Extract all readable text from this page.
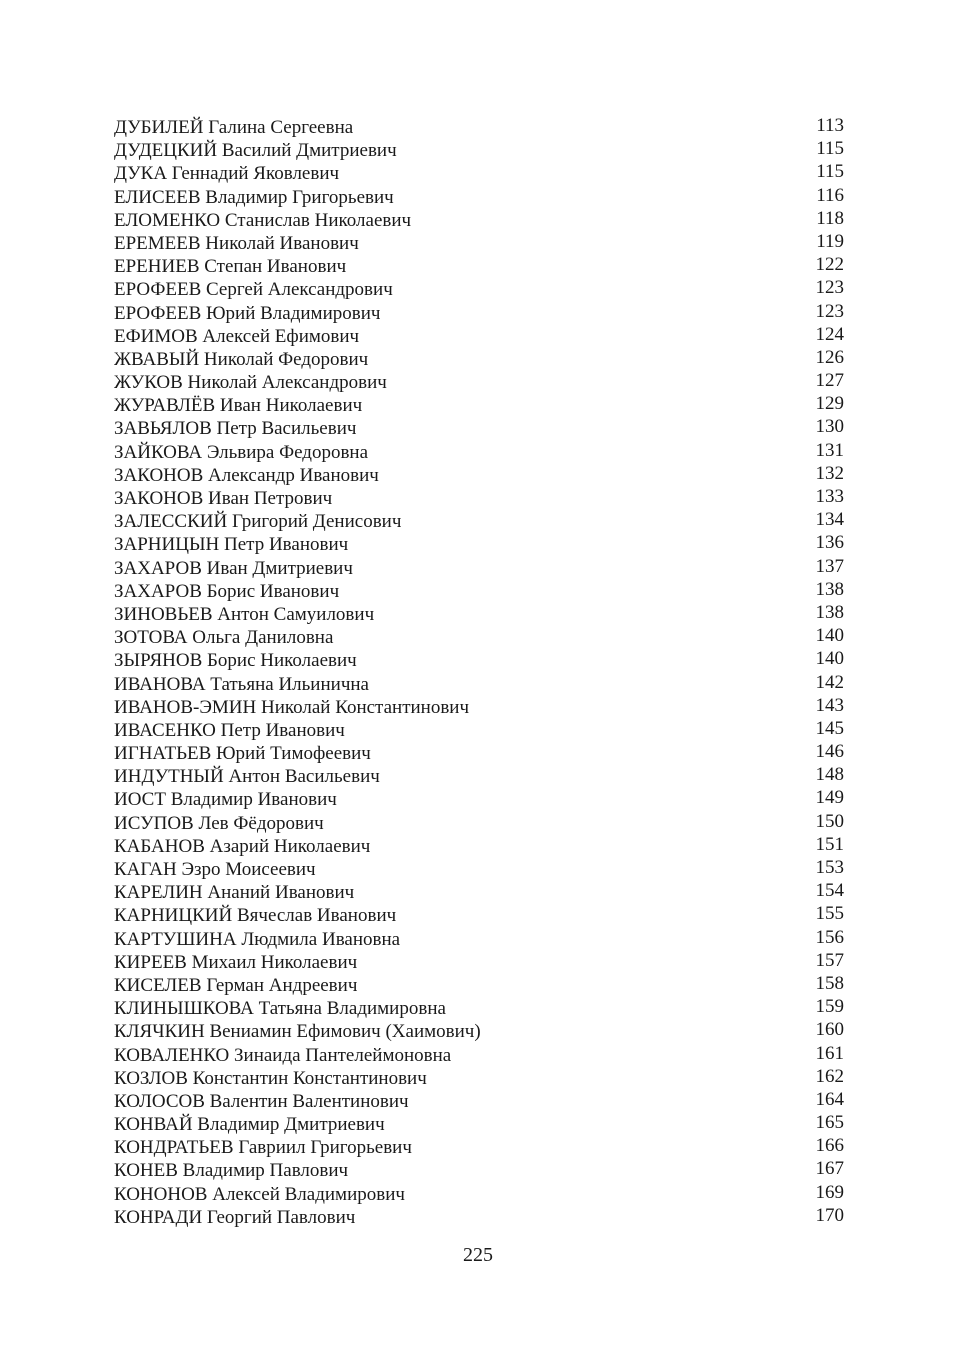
ДУБИЛЕЙ Галина Сергеевна	113
ДУДЕЦКИЙ Василий Дмитриевич	115
ДУКА Геннадий Яковлевич	115
ЕЛИСЕЕВ Владимир Григорьевич	116
ЕЛОМЕНКО Станислав Николаевич	118
ЕРЕМЕЕВ Николай Иванович	119
ЕРЕНИЕВ Степан Иванович	122
ЕРОФЕЕВ Сергей Александрович	123
ЕРОФЕЕВ Юрий Владимирович	123
ЕФИМОВ Алексей Ефимович	124
ЖВАВЫЙ Николай Федорович	126
ЖУКОВ Николай Александрович	127
ЖУРАВЛЁВ Иван Николаевич	129
ЗАВЬЯЛОВ Петр Васильевич	130
ЗАЙКОВА Эльвира Федоровна	131
ЗАКОНОВ Александр Иванович	132
ЗАКОНОВ Иван Петрович	133
ЗАЛЕССКИЙ Григорий Денисович	134
ЗАРНИЦЫН Петр Иванович	136
ЗАХАРОВ Иван Дмитриевич	137
ЗАХАРОВ Борис Иванович	138
ЗИНОВЬЕВ Антон Самуилович	138
ЗОТОВА Ольга Даниловна	140
ЗЫРЯНОВ Борис Николаевич	140
ИВАНОВА Татьяна Ильинична	142
ИВАНОВ-ЭМИН Николай Константинович	143
ИВАСЕНКО Петр Иванович	145
ИГНАТЬЕВ Юрий Тимофеевич	146
ИНДУТНЫЙ Антон Васильевич	148
ИОСТ Владимир Иванович	149
ИСУПОВ Лев Фёдорович	150
КАБАНОВ Азарий Николаевич	151
КАГАН Эзро Моисеевич	153
КАРЕЛИН Ананий Иванович	154
КАРНИЦКИЙ Вячеслав Иванович	155
КАРТУШИНА Людмила Ивановна	156
КИРЕЕВ Михаил Николаевич	157
КИСЕЛЕВ Герман Андреевич	158
КЛИНЫШКОВА Татьяна Владимировна	159
КЛЯЧКИН Вениамин Ефимович (Хаимович)	160
КОВАЛЕНКО Зинаида Пантелеймоновна	161
КОЗЛОВ Константин Константинович	162
КОЛОСОВ Валентин Валентинович	164
КОНВАЙ Владимир Дмитриевич	165
КОНДРАТЬЕВ Гавриил Григорьевич	166
КОНЕВ Владимир Павлович	167
КОНОНОВ Алексей Владимирович	169
КОНРАДИ Георгий Павлович	170
225
